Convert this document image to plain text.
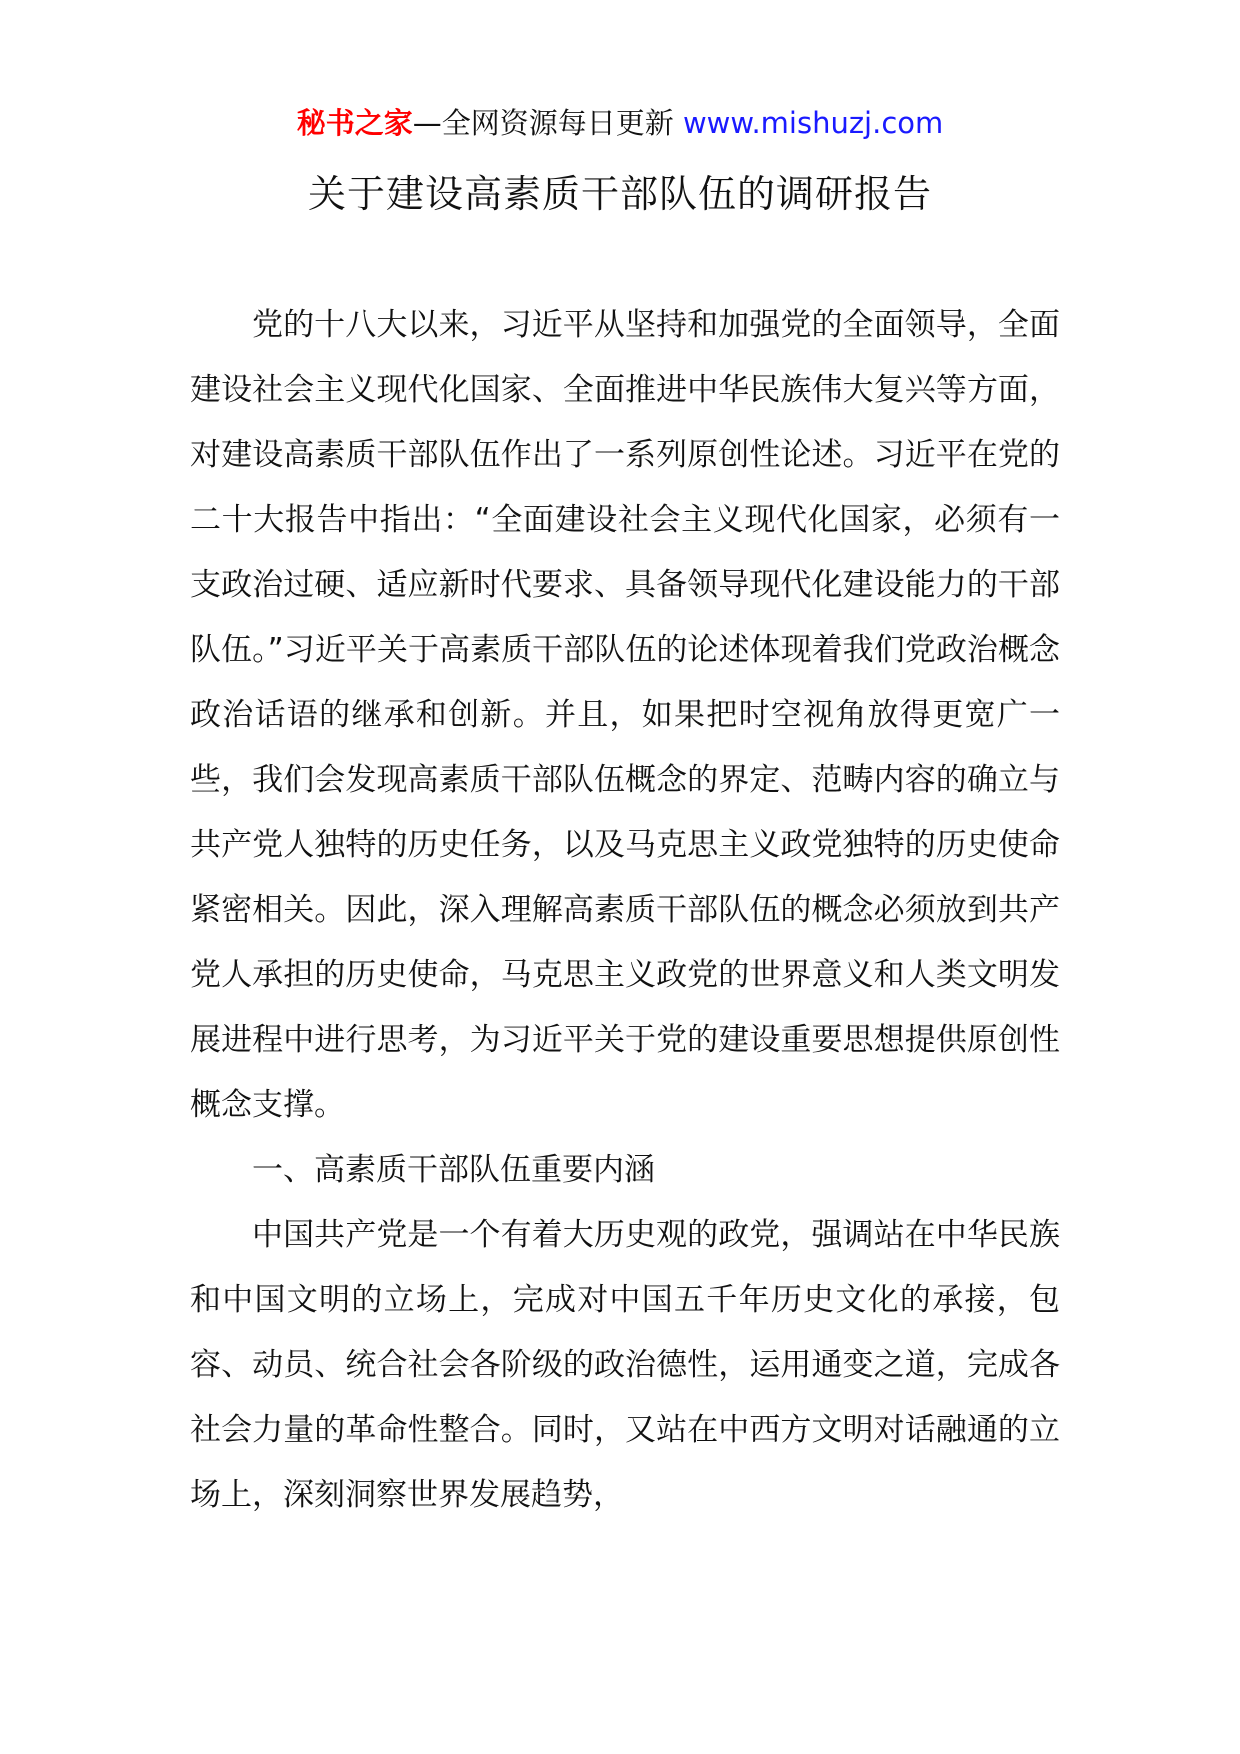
秘书之家—全网资源每日更新 www.mishuzj.com
关于建设高素质干部队伍的调研报告

党的十八大以来，习近平从坚持和加强党的全面领导，全面建设社会主义现代化国家、全面推进中华民族伟大复兴等方面，对建设高素质干部队伍作出了一系列原创性论述。习近平在党的二十大报告中指出：“全面建设社会主义现代化国家，必须有一支政治过硬、适应新时代要求、具备领导现代化建设能力的干部队伍。”习近平关于高素质干部队伍的论述体现着我们党政治概念政治话语的继承和创新。并且，如果把时空视角放得更宽广一些，我们会发现高素质干部队伍概念的界定、范畴内容的确立与共产党人独特的历史任务，以及马克思主义政党独特的历史使命紧密相关。因此，深入理解高素质干部队伍的概念必须放到共产党人承担的历史使命，马克思主义政党的世界意义和人类文明发展进程中进行思考，为习近平关于党的建设重要思想提供原创性概念支撑。

一、高素质干部队伍重要内涵

中国共产党是一个有着大历史观的政党，强调站在中华民族和中国文明的立场上，完成对中国五千年历史文化的承接，包容、动员、统合社会各阶级的政治德性，运用通变之道，完成各社会力量的革命性整合。同时，又站在中西方文明对话融通的立场上，深刻洞察世界发展趋势，
